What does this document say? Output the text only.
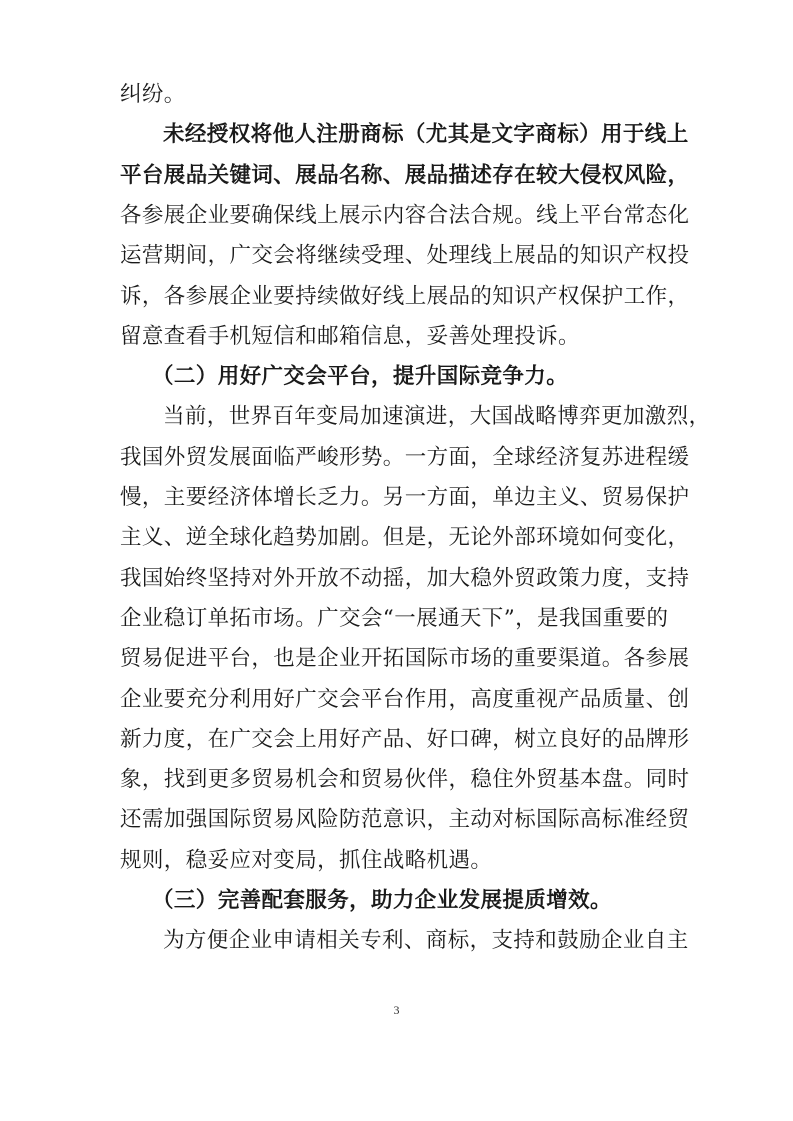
纠纷。
未经授权将他人注册商标（尤其是文字商标）用于线上
平台展品关键词、展品名称、展品描述存在较大侵权风险，
各参展企业要确保线上展示内容合法合规。线上平台常态化
运营期间，广交会将继续受理、处理线上展品的知识产权投
诉，各参展企业要持续做好线上展品的知识产权保护工作，
留意查看手机短信和邮箱信息，妥善处理投诉。
（二）用好广交会平台，提升国际竞争力。
当前，世界百年变局加速演进，大国战略博弈更加激烈，
我国外贸发展面临严峻形势。一方面，全球经济复苏进程缓
慢，主要经济体增长乏力。另一方面，单边主义、贸易保护
主义、逆全球化趋势加剧。但是，无论外部环境如何变化，
我国始终坚持对外开放不动摇，加大稳外贸政策力度，支持
企业稳订单拓市场。广交会“一展通天下”，是我国重要的
贸易促进平台，也是企业开拓国际市场的重要渠道。各参展
企业要充分利用好广交会平台作用，高度重视产品质量、创
新力度，在广交会上用好产品、好口碑，树立良好的品牌形
象，找到更多贸易机会和贸易伙伴，稳住外贸基本盘。同时
还需加强国际贸易风险防范意识，主动对标国际高标准经贸
规则，稳妥应对变局，抓住战略机遇。
（三）完善配套服务，助力企业发展提质增效。
为方便企业申请相关专利、商标，支持和鼓励企业自主
3
